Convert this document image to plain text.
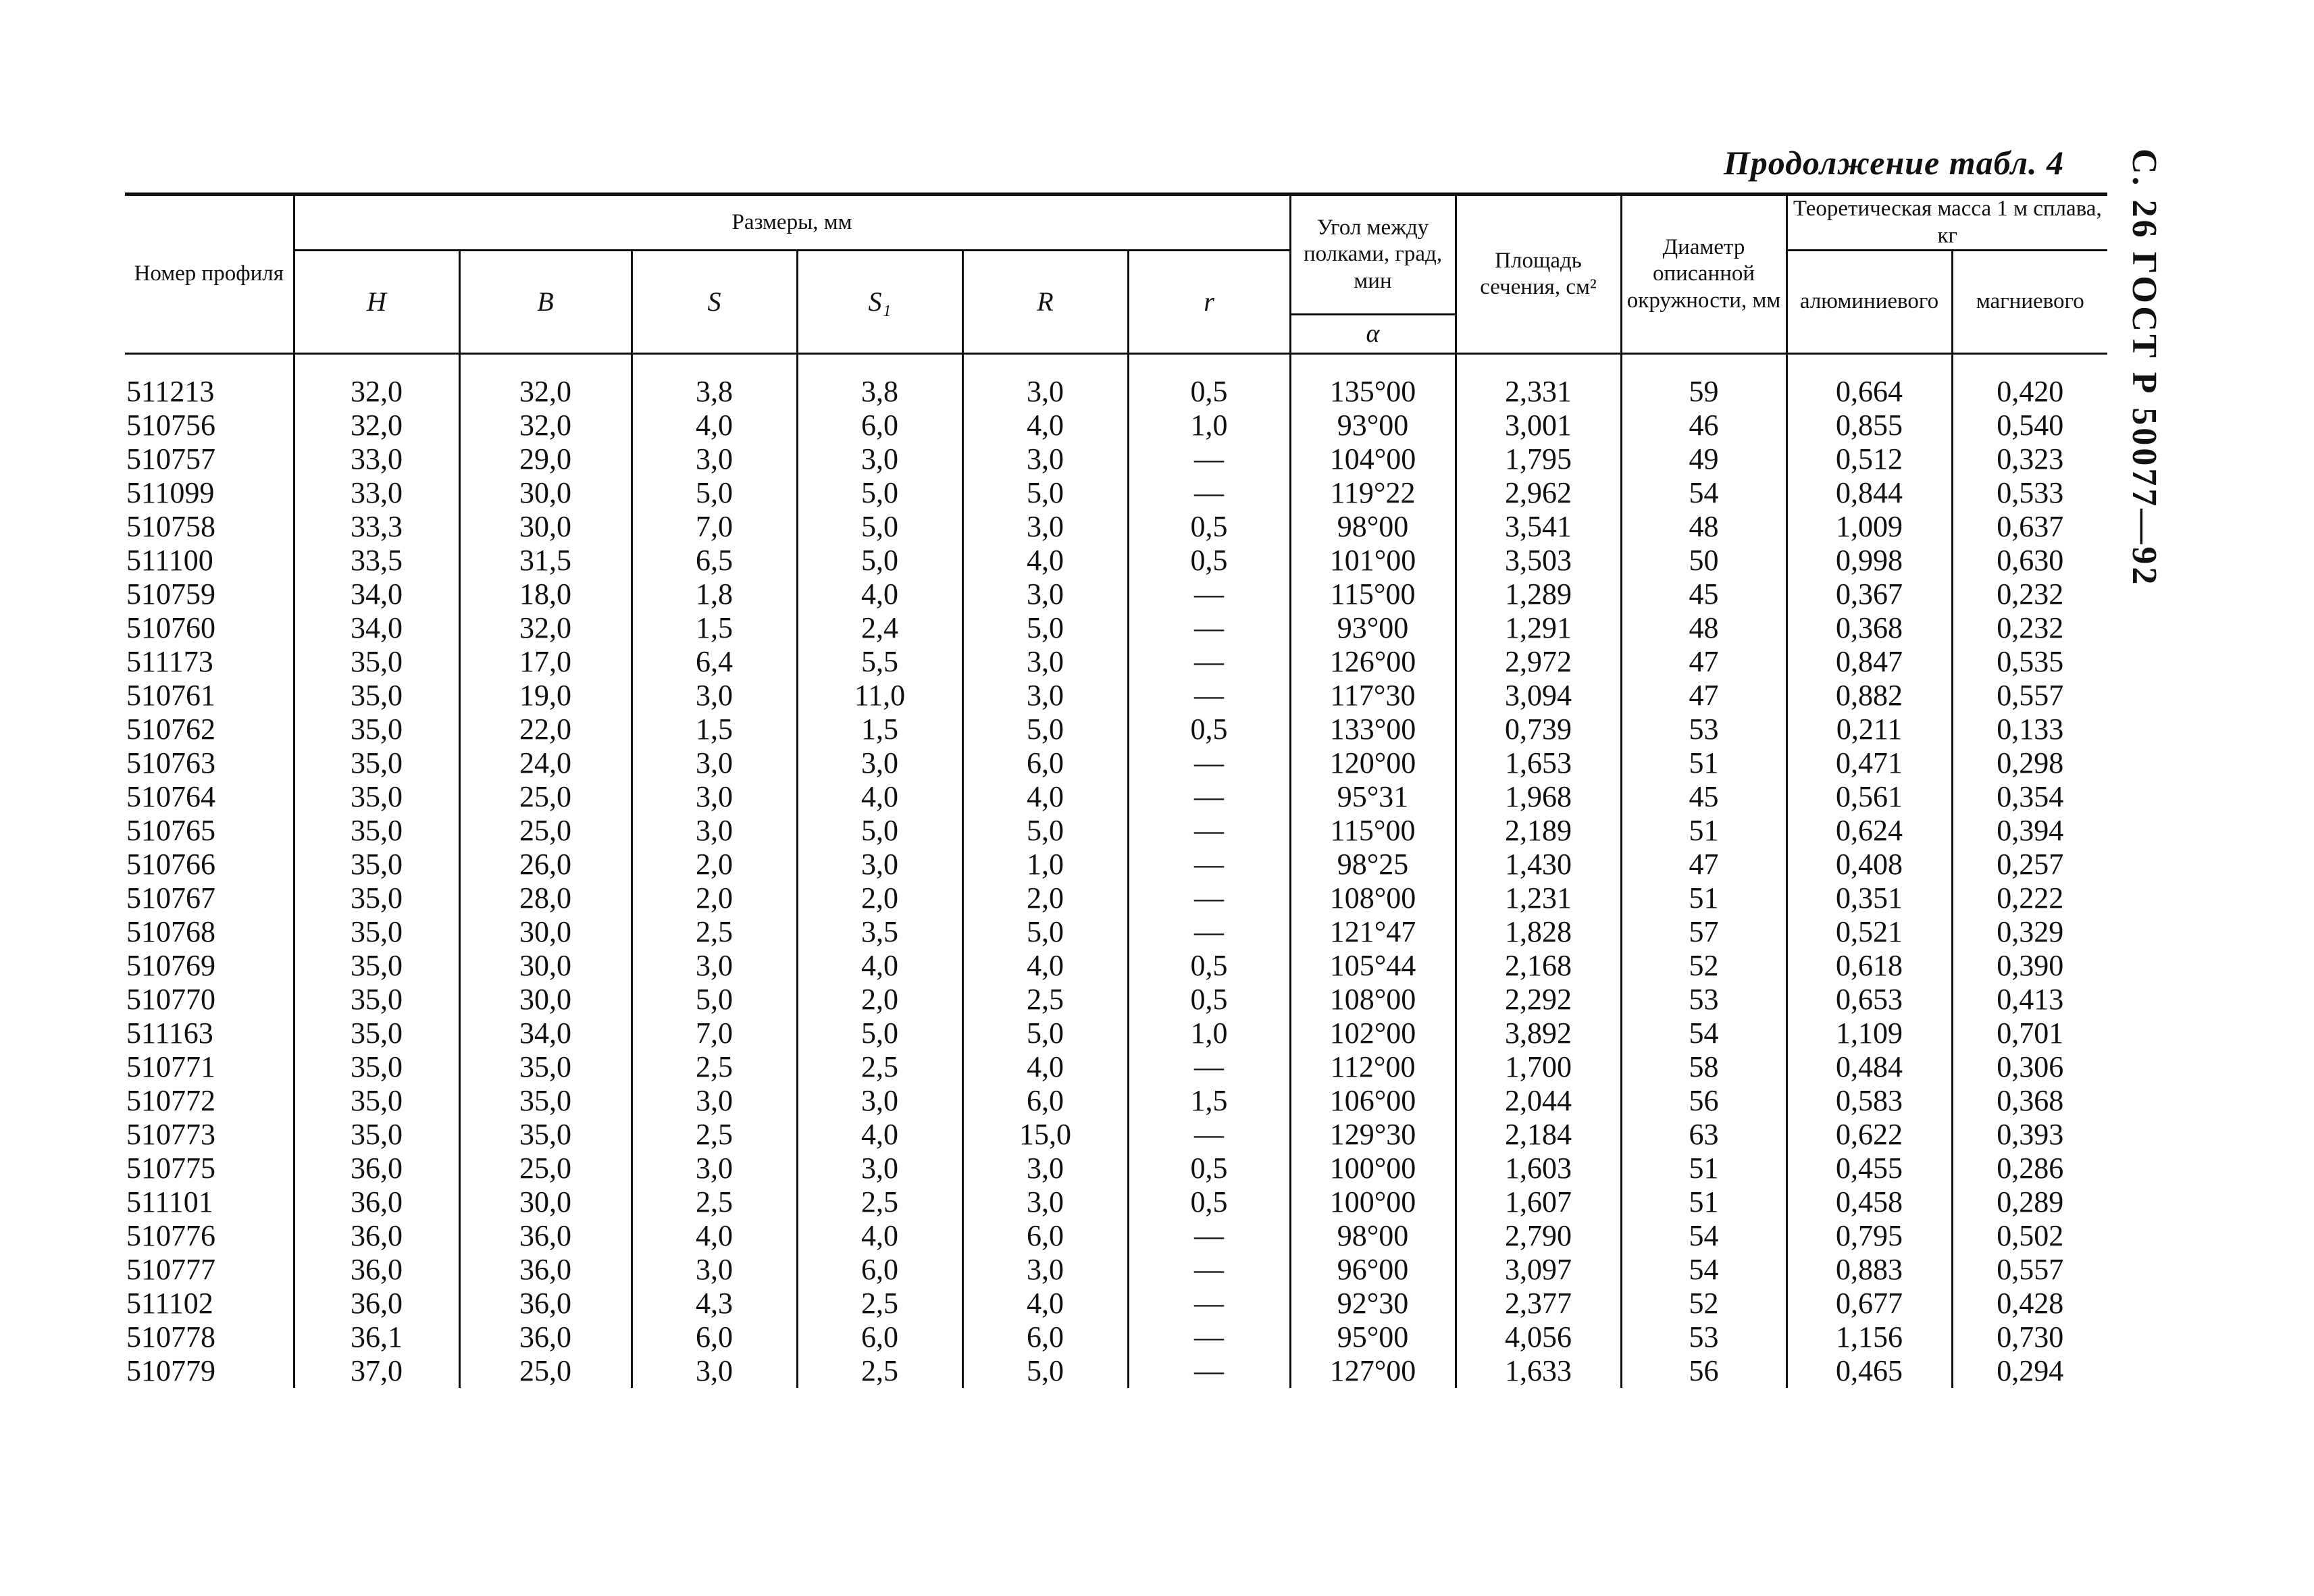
Продолжение табл. 4 С. 26 ГОСТ Р 50077—92
Номер профиля	Размеры, мм						Угол между полками, град, мин	Площадь сечения, см²	Диаметр описанной окружности, мм	Теоретическая масса 1 м сплава, кг	
	H	B	S	S₁	R	r				алюминиевого	магниевого
							α				

511213	32,0	32,0	3,8	3,8	3,0	0,5	135°00	2,331	59	0,664	0,420
510756	32,0	32,0	4,0	6,0	4,0	1,0	93°00	3,001	46	0,855	0,540
510757	33,0	29,0	3,0	3,0	3,0	—	104°00	1,795	49	0,512	0,323
511099	33,0	30,0	5,0	5,0	5,0	—	119°22	2,962	54	0,844	0,533
510758	33,3	30,0	7,0	5,0	3,0	0,5	98°00	3,541	48	1,009	0,637
511100	33,5	31,5	6,5	5,0	4,0	0,5	101°00	3,503	50	0,998	0,630
510759	34,0	18,0	1,8	4,0	3,0	—	115°00	1,289	45	0,367	0,232
510760	34,0	32,0	1,5	2,4	5,0	—	93°00	1,291	48	0,368	0,232
511173	35,0	17,0	6,4	5,5	3,0	—	126°00	2,972	47	0,847	0,535
510761	35,0	19,0	3,0	11,0	3,0	—	117°30	3,094	47	0,882	0,557
510762	35,0	22,0	1,5	1,5	5,0	0,5	133°00	0,739	53	0,211	0,133
510763	35,0	24,0	3,0	3,0	6,0	—	120°00	1,653	51	0,471	0,298
510764	35,0	25,0	3,0	4,0	4,0	—	95°31	1,968	45	0,561	0,354
510765	35,0	25,0	3,0	5,0	5,0	—	115°00	2,189	51	0,624	0,394
510766	35,0	26,0	2,0	3,0	1,0	—	98°25	1,430	47	0,408	0,257
510767	35,0	28,0	2,0	2,0	2,0	—	108°00	1,231	51	0,351	0,222
510768	35,0	30,0	2,5	3,5	5,0	—	121°47	1,828	57	0,521	0,329
510769	35,0	30,0	3,0	4,0	4,0	0,5	105°44	2,168	52	0,618	0,390
510770	35,0	30,0	5,0	2,0	2,5	0,5	108°00	2,292	53	0,653	0,413
511163	35,0	34,0	7,0	5,0	5,0	1,0	102°00	3,892	54	1,109	0,701
510771	35,0	35,0	2,5	2,5	4,0	—	112°00	1,700	58	0,484	0,306
510772	35,0	35,0	3,0	3,0	6,0	1,5	106°00	2,044	56	0,583	0,368
510773	35,0	35,0	2,5	4,0	15,0	—	129°30	2,184	63	0,622	0,393
510775	36,0	25,0	3,0	3,0	3,0	0,5	100°00	1,603	51	0,455	0,286
511101	36,0	30,0	2,5	2,5	3,0	0,5	100°00	1,607	51	0,458	0,289
510776	36,0	36,0	4,0	4,0	6,0	—	98°00	2,790	54	0,795	0,502
510777	36,0	36,0	3,0	6,0	3,0	—	96°00	3,097	54	0,883	0,557
511102	36,0	36,0	4,3	2,5	4,0	—	92°30	2,377	52	0,677	0,428
510778	36,1	36,0	6,0	6,0	6,0	—	95°00	4,056	53	1,156	0,730
510779	37,0	25,0	3,0	2,5	5,0	—	127°00	1,633	56	0,465	0,294
